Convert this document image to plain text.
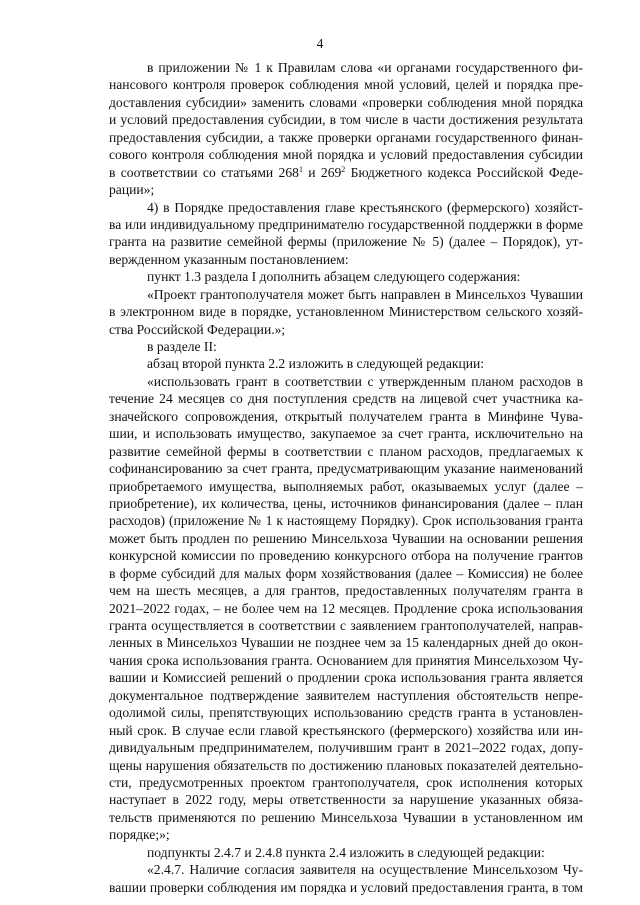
4
в приложении № 1 к Правилам слова «и органами государственного фи-
нансового контроля проверок соблюдения мной условий, целей и порядка пре-
доставления субсидии» заменить словами «проверки соблюдения мной порядка
и условий предоставления субсидии, в том числе в части достижения результата
предоставления субсидии, а также проверки органами государственного финан-
сового контроля соблюдения мной порядка и условий предоставления субсидии
в соответствии со статьями $268^1$ и $269^2$ Бюджетного кодекса Российской Феде-
рации»;
4) в Порядке предоставления главе крестьянского (фермерского) хозяйст-
ва или индивидуальному предпринимателю государственной поддержки в форме
гранта на развитие семейной фермы (приложение № 5) (далее – Порядок), ут-
вержденном указанным постановлением:
пункт 1.3 раздела I дополнить абзацем следующего содержания:
«Проект грантополучателя может быть направлен в Минсельхоз Чувашии
в электронном виде в порядке, установленном Министерством сельского хозяй-
ства Российской Федерации.»;
в разделе II:
абзац второй пункта 2.2 изложить в следующей редакции:
«использовать грант в соответствии с утвержденным планом расходов в
течение 24 месяцев со дня поступления средств на лицевой счет участника ка-
значейского сопровождения, открытый получателем гранта в Минфине Чува-
шии, и использовать имущество, закупаемое за счет гранта, исключительно на
развитие семейной фермы в соответствии с планом расходов, предлагаемых к
софинансированию за счет гранта, предусматривающим указание наименований
приобретаемого имущества, выполняемых работ, оказываемых услуг (далее –
приобретение), их количества, цены, источников финансирования (далее – план
расходов) (приложение № 1 к настоящему Порядку). Срок использования гранта
может быть продлен по решению Минсельхоза Чувашии на основании решения
конкурсной комиссии по проведению конкурсного отбора на получение грантов
в форме субсидий для малых форм хозяйствования (далее – Комиссия) не более
чем на шесть месяцев, а для грантов, предоставленных получателям гранта в
2021–2022 годах, – не более чем на 12 месяцев. Продление срока использования
гранта осуществляется в соответствии с заявлением грантополучателей, направ-
ленных в Минсельхоз Чувашии не позднее чем за 15 календарных дней до окон-
чания срока использования гранта. Основанием для принятия Минсельхозом Чу-
вашии и Комиссией решений о продлении срока использования гранта является
документальное подтверждение заявителем наступления обстоятельств непре-
одолимой силы, препятствующих использованию средств гранта в установлен-
ный срок. В случае если главой крестьянского (фермерского) хозяйства или ин-
дивидуальным предпринимателем, получившим грант в 2021–2022 годах, допу-
щены нарушения обязательств по достижению плановых показателей деятельно-
сти, предусмотренных проектом грантополучателя, срок исполнения которых
наступает в 2022 году, меры ответственности за нарушение указанных обяза-
тельств применяются по решению Минсельхоза Чувашии в установленном им
порядке;»;
подпункты 2.4.7 и 2.4.8 пункта 2.4 изложить в следующей редакции:
«2.4.7. Наличие согласия заявителя на осуществление Минсельхозом Чу-
вашии проверки соблюдения им порядка и условий предоставления гранта, в том
